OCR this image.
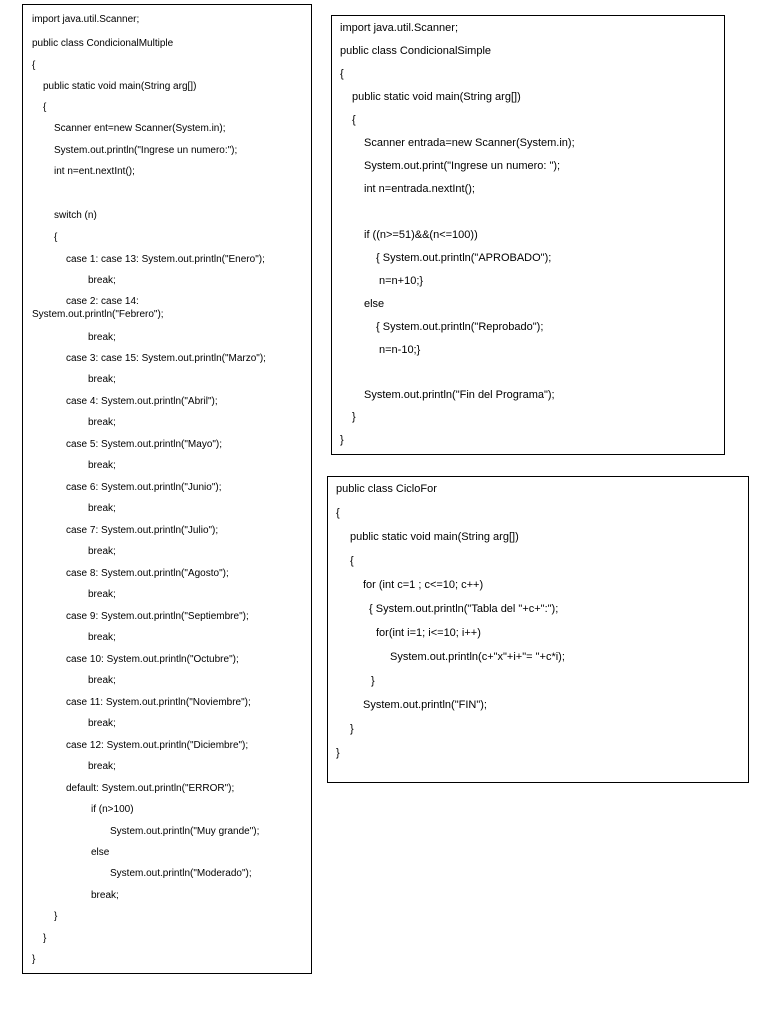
import java.util.Scanner;
public class CondicionalMultiple
{
public static void main(String arg[])
{
Scanner ent=new Scanner(System.in);
System.out.println("Ingrese un numero:");
int n=ent.nextInt();
switch (n)
{
case 1: case 13: System.out.println("Enero");
break;
case 2: case 14:
System.out.println("Febrero");
break;
case 3: case 15: System.out.println("Marzo");
break;
case 4: System.out.println("Abril");
break;
case 5: System.out.println("Mayo");
break;
case 6: System.out.println("Junio");
break;
case 7: System.out.println("Julio");
break;
case 8: System.out.println("Agosto");
break;
case 9: System.out.println("Septiembre");
break;
case 10: System.out.println("Octubre");
break;
case 11: System.out.println("Noviembre");
break;
case 12: System.out.println("Diciembre");
break;
default: System.out.println("ERROR");
if (n>100)
System.out.println("Muy grande");
else
System.out.println("Moderado");
break;
}
}
}
import java.util.Scanner;
public class CondicionalSimple
{
public static void main(String arg[])
{
Scanner entrada=new Scanner(System.in);
System.out.print("Ingrese un numero: ");
int n=entrada.nextInt();
if ((n>=51)&&(n<=100))
{ System.out.println("APROBADO");
n=n+10;}
else
{ System.out.println("Reprobado");
n=n-10;}
System.out.println("Fin del Programa");
}
}
public class CicloFor
{
public static void main(String arg[])
{
for (int c=1 ; c<=10; c++)
{ System.out.println("Tabla del "+c+":");
for(int i=1; i<=10; i++)
System.out.println(c+"x"+i+"= "+c*i);
}
System.out.println("FIN");
}
}
